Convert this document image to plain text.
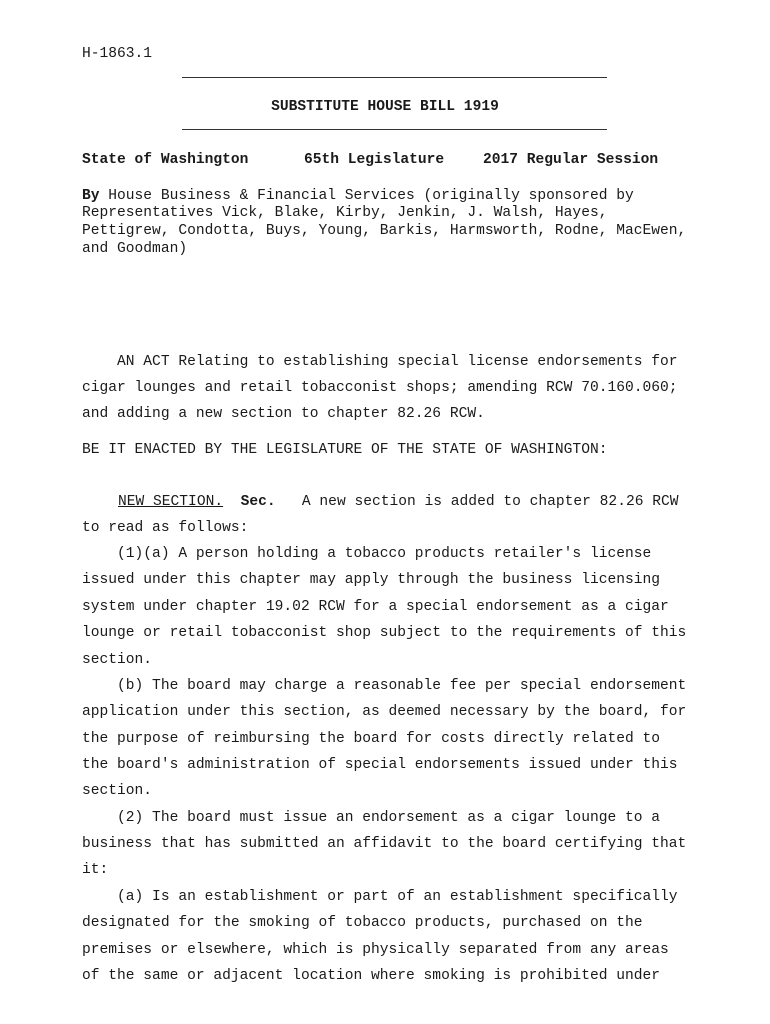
H-1863.1
SUBSTITUTE HOUSE BILL 1919
State of Washington	65th Legislature	2017 Regular Session
By House Business & Financial Services (originally sponsored by
Representatives Vick, Blake, Kirby, Jenkin, J. Walsh, Hayes,
Pettigrew, Condotta, Buys, Young, Barkis, Harmsworth, Rodne, MacEwen,
and Goodman)
AN ACT Relating to establishing special license endorsements for
cigar lounges and retail tobacconist shops; amending RCW 70.160.060;
and adding a new section to chapter 82.26 RCW.
BE IT ENACTED BY THE LEGISLATURE OF THE STATE OF WASHINGTON:
NEW SECTION. Sec.   A new section is added to chapter 82.26 RCW
to read as follows:
(1)(a) A person holding a tobacco products retailer's license
issued under this chapter may apply through the business licensing
system under chapter 19.02 RCW for a special endorsement as a cigar
lounge or retail tobacconist shop subject to the requirements of this
section.
(b) The board may charge a reasonable fee per special endorsement
application under this section, as deemed necessary by the board, for
the purpose of reimbursing the board for costs directly related to
the board's administration of special endorsements issued under this
section.
(2) The board must issue an endorsement as a cigar lounge to a
business that has submitted an affidavit to the board certifying that
it:
(a) Is an establishment or part of an establishment specifically
designated for the smoking of tobacco products, purchased on the
premises or elsewhere, which is physically separated from any areas
of the same or adjacent location where smoking is prohibited under
